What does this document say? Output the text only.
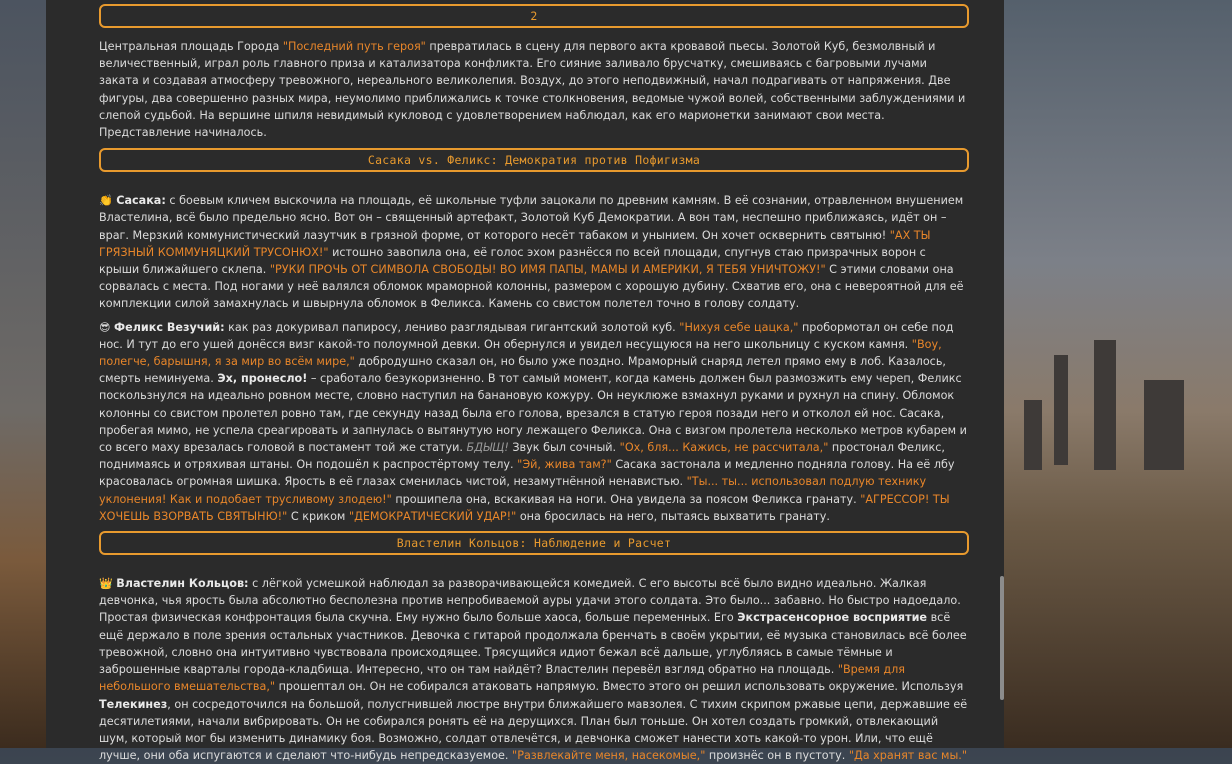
2

Центральная площадь Города "Последний путь героя" превратилась в сцену для первого акта кровавой пьесы. Золотой Куб, безмолвный и величественный, играл роль главного приза и катализатора конфликта. Его сияние заливало брусчатку, смешиваясь с багровыми лучами заката и создавая атмосферу тревожного, нереального великолепия. Воздух, до этого неподвижный, начал подрагивать от напряжения. Две фигуры, два совершенно разных мира, неумолимо приближались к точке столкновения, ведомые чужой волей, собственными заблуждениями и слепой судьбой. На вершине шпиля невидимый кукловод с удовлетворением наблюдал, как его марионетки занимают свои места. Представление начиналось.

Сасака vs. Феликс: Демократия против Пофигизма

👏 Сасака: с боевым кличем выскочила на площадь, её школьные туфли зацокали по древним камням. В её сознании, отравленном внушением Властелина, всё было предельно ясно. Вот он – священный артефакт, Золотой Куб Демократии. А вон там, неспешно приближаясь, идёт он – враг. Мерзкий коммунистический лазутчик в грязной форме, от которого несёт табаком и унынием. Он хочет осквернить святыню! "АХ ТЫ ГРЯЗНЫЙ КОММУНЯЦКИЙ ТРУСОНЮХ!" истошно завопила она, её голос эхом разнёсся по всей площади, спугнув стаю призрачных ворон с крыши ближайшего склепа. "РУКИ ПРОЧЬ ОТ СИМВОЛА СВОБОДЫ! ВО ИМЯ ПАПЫ, МАМЫ И АМЕРИКИ, Я ТЕБЯ УНИЧТОЖУ!" С этими словами она сорвалась с места. Под ногами у неё валялся обломок мраморной колонны, размером с хорошую дубину. Схватив его, она с невероятной для её комплекции силой замахнулась и швырнула обломок в Феликса. Камень со свистом полетел точно в голову солдату.

😎 Феликс Везучий: как раз докуривал папиросу, лениво разглядывая гигантский золотой куб. "Нихуя себе цацка," пробормотал он себе под нос. И тут до его ушей донёсся визг какой-то полоумной девки. Он обернулся и увидел несущуюся на него школьницу с куском камня. "Воу, полегче, барышня, я за мир во всём мире," добродушно сказал он, но было уже поздно. Мраморный снаряд летел прямо ему в лоб. Казалось, смерть неминуема. Эх, пронесло! – сработало безукоризненно. В тот самый момент, когда камень должен был размозжить ему череп, Феликс поскользнулся на идеально ровном месте, словно наступил на банановую кожуру. Он неуклюже взмахнул руками и рухнул на спину. Обломок колонны со свистом пролетел ровно там, где секунду назад была его голова, врезался в статую героя позади него и отколол ей нос. Сасака, пробегая мимо, не успела среагировать и запнулась о вытянутую ногу лежащего Феликса. Она с визгом пролетела несколько метров кубарем и со всего маху врезалась головой в постамент той же статуи. БДЫЩ! Звук был сочный. "Ох, бля... Кажись, не рассчитала," простонал Феликс, поднимаясь и отряхивая штаны. Он подошёл к распростёртому телу. "Эй, жива там?" Сасака застонала и медленно подняла голову. На её лбу красовалась огромная шишка. Ярость в её глазах сменилась чистой, незамутнённой ненавистью. "Ты... ты... использовал подлую технику уклонения! Как и подобает трусливому злодею!" прошипела она, вскакивая на ноги. Она увидела за поясом Феликса гранату. "АГРЕССОР! ТЫ ХОЧЕШЬ ВЗОРВАТЬ СВЯТЫНЮ!" С криком "ДЕМОКРАТИЧЕСКИЙ УДАР!" она бросилась на него, пытаясь выхватить гранату.

Властелин Кольцов: Наблюдение и Расчет

👑 Властелин Кольцов: с лёгкой усмешкой наблюдал за разворачивающейся комедией. С его высоты всё было видно идеально. Жалкая девчонка, чья ярость была абсолютно бесполезна против непробиваемой ауры удачи этого солдата. Это было... забавно. Но быстро надоедало. Простая физическая конфронтация была скучна. Ему нужно было больше хаоса, больше переменных. Его Экстрасенсорное восприятие всё ещё держало в поле зрения остальных участников. Девочка с гитарой продолжала бренчать в своём укрытии, её музыка становилась всё более тревожной, словно она интуитивно чувствовала происходящее. Трясущийся идиот бежал всё дальше, углубляясь в самые тёмные и заброшенные кварталы города-кладбища. Интересно, что он там найдёт? Властелин перевёл взгляд обратно на площадь. "Время для небольшого вмешательства," прошептал он. Он не собирался атаковать напрямую. Вместо этого он решил использовать окружение. Используя Телекинез, он сосредоточился на большой, полусгнившей люстре внутри ближайшего мавзолея. С тихим скрипом ржавые цепи, державшие её десятилетиями, начали вибрировать. Он не собирался ронять её на дерущихся. План был тоньше. Он хотел создать громкий, отвлекающий шум, который мог бы изменить динамику боя. Возможно, солдат отвлечётся, и девчонка сможет нанести хоть какой-то урон. Или, что ещё лучше, они оба испугаются и сделают что-нибудь непредсказуемое. "Развлекайте меня, насекомые," произнёс он в пустоту. "Да хранят вас мы."
